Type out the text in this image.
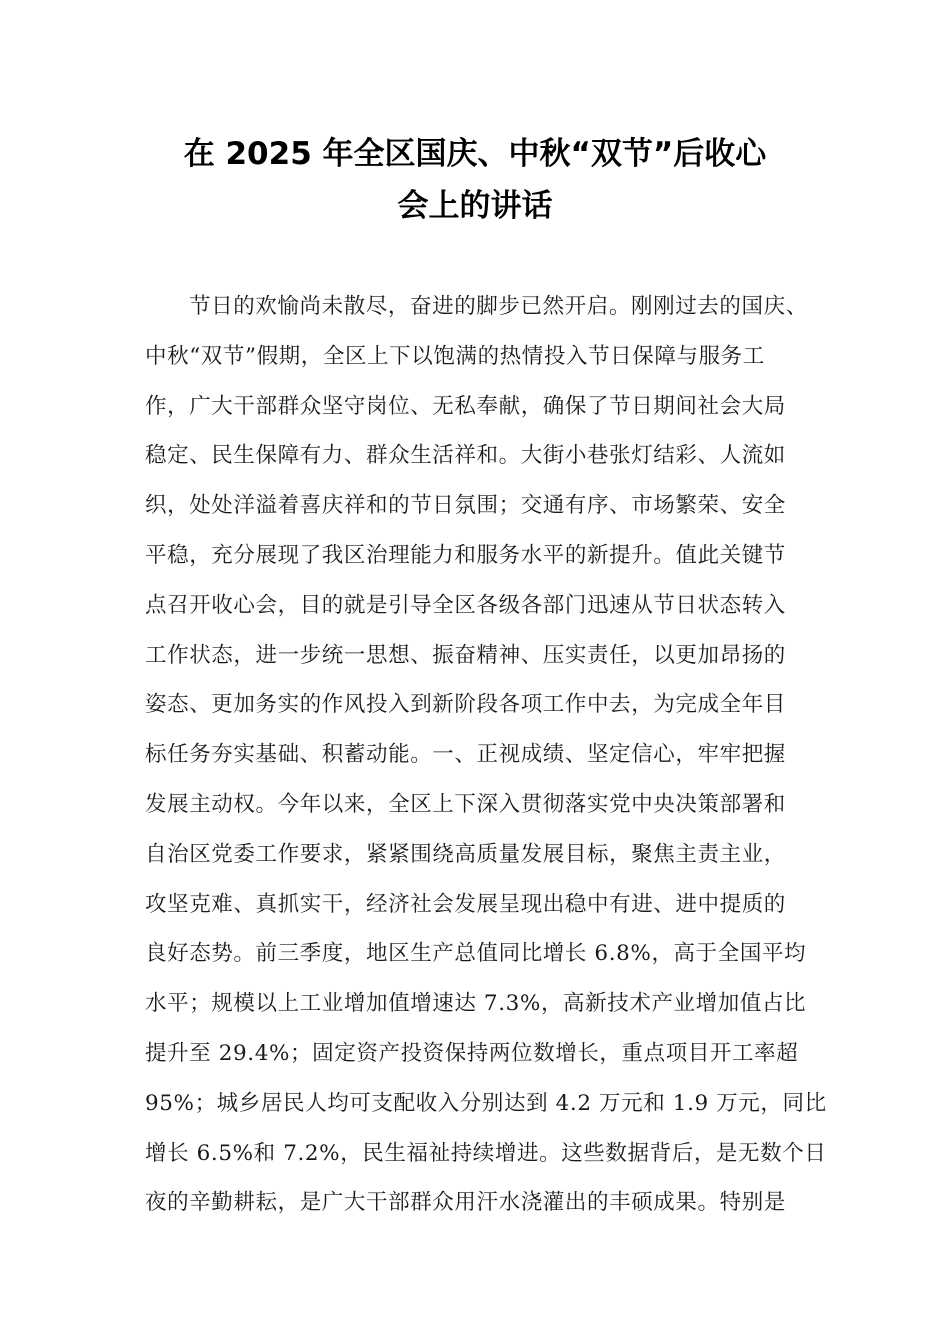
在 2025 年全区国庆、中秋“双节”后收心
会上的讲话
节日的欢愉尚未散尽，奋进的脚步已然开启。刚刚过去的国庆、
中秋“双节”假期，全区上下以饱满的热情投入节日保障与服务工
作，广大干部群众坚守岗位、无私奉献，确保了节日期间社会大局
稳定、民生保障有力、群众生活祥和。大街小巷张灯结彩、人流如
织，处处洋溢着喜庆祥和的节日氛围；交通有序、市场繁荣、安全
平稳，充分展现了我区治理能力和服务水平的新提升。值此关键节
点召开收心会，目的就是引导全区各级各部门迅速从节日状态转入
工作状态，进一步统一思想、振奋精神、压实责任，以更加昂扬的
姿态、更加务实的作风投入到新阶段各项工作中去，为完成全年目
标任务夯实基础、积蓄动能。一、正视成绩、坚定信心，牢牢把握
发展主动权。今年以来，全区上下深入贯彻落实党中央决策部署和
自治区党委工作要求，紧紧围绕高质量发展目标，聚焦主责主业，
攻坚克难、真抓实干，经济社会发展呈现出稳中有进、进中提质的
良好态势。前三季度，地区生产总值同比增长 6.8%，高于全国平均
水平；规模以上工业增加值增速达 7.3%，高新技术产业增加值占比
提升至 29.4%；固定资产投资保持两位数增长，重点项目开工率超
95%；城乡居民人均可支配收入分别达到 4.2 万元和 1.9 万元，同比
增长 6.5%和 7.2%，民生福祉持续增进。这些数据背后，是无数个日
夜的辛勤耕耘，是广大干部群众用汗水浇灌出的丰硕成果。特别是
